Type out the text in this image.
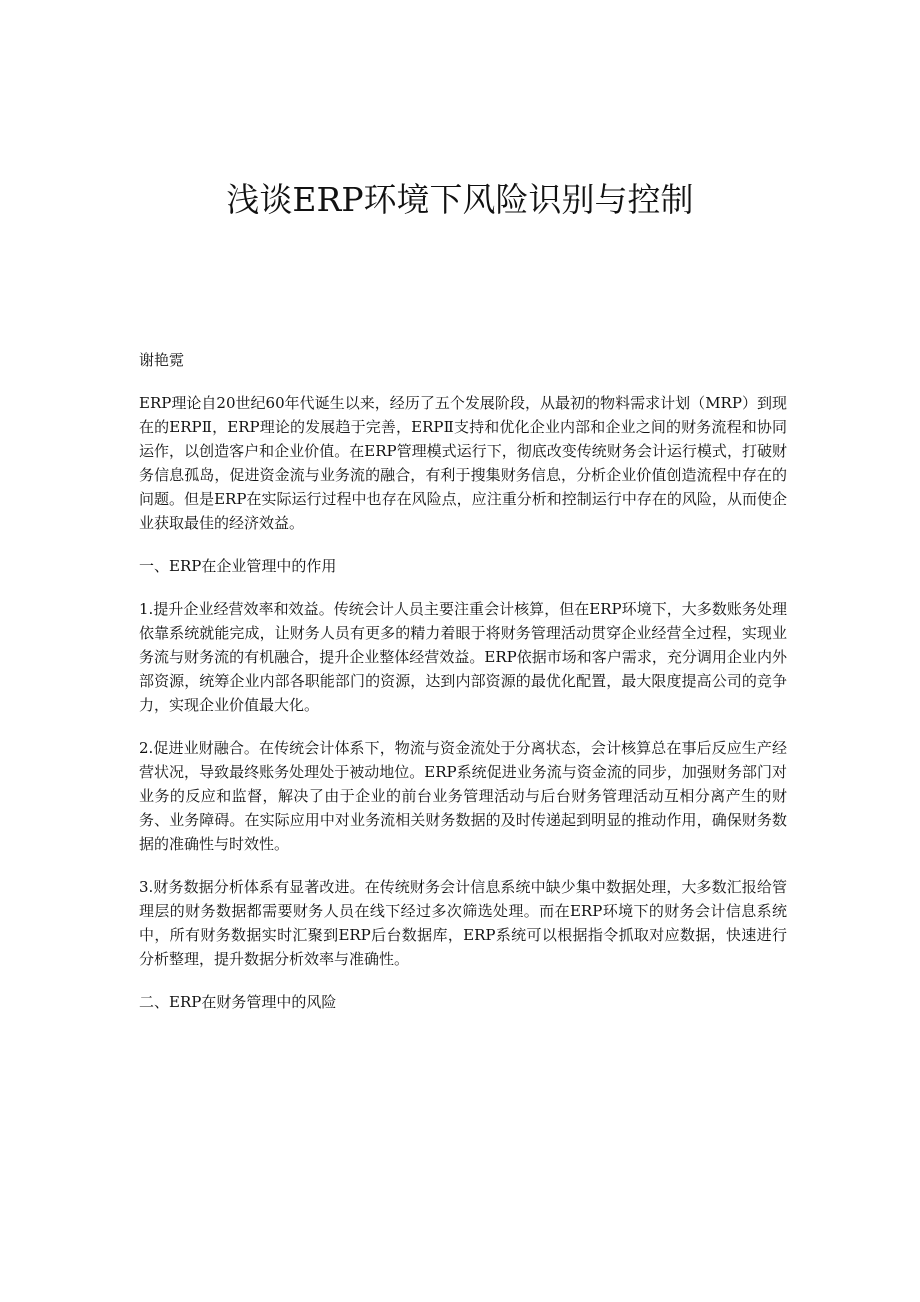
浅谈ERP环境下风险识别与控制

谢艳霓

ERP理论自20世纪60年代诞生以来，经历了五个发展阶段，从最初的物料需求计划（MRP）到现在的ERPⅡ，ERP理论的发展趋于完善，ERPⅡ支持和优化企业内部和企业之间的财务流程和协同运作，以创造客户和企业价值。在ERP管理模式运行下，彻底改变传统财务会计运行模式，打破财务信息孤岛，促进资金流与业务流的融合，有利于搜集财务信息，分析企业价值创造流程中存在的问题。但是ERP在实际运行过程中也存在风险点，应注重分析和控制运行中存在的风险，从而使企业获取最佳的经济效益。

一、ERP在企业管理中的作用

1.提升企业经营效率和效益。传统会计人员主要注重会计核算，但在ERP环境下，大多数账务处理依靠系统就能完成，让财务人员有更多的精力着眼于将财务管理活动贯穿企业经营全过程，实现业务流与财务流的有机融合，提升企业整体经营效益。ERP依据市场和客户需求，充分调用企业内外部资源，统筹企业内部各职能部门的资源，达到内部资源的最优化配置，最大限度提高公司的竞争力，实现企业价值最大化。

2.促进业财融合。在传统会计体系下，物流与资金流处于分离状态，会计核算总在事后反应生产经营状况，导致最终账务处理处于被动地位。ERP系统促进业务流与资金流的同步，加强财务部门对业务的反应和监督，解决了由于企业的前台业务管理活动与后台财务管理活动互相分离产生的财务、业务障碍。在实际应用中对业务流相关财务数据的及时传递起到明显的推动作用，确保财务数据的准确性与时效性。

3.财务数据分析体系有显著改进。在传统财务会计信息系统中缺少集中数据处理，大多数汇报给管理层的财务数据都需要财务人员在线下经过多次筛选处理。而在ERP环境下的财务会计信息系统中，所有财务数据实时汇聚到ERP后台数据库，ERP系统可以根据指令抓取对应数据，快速进行分析整理，提升数据分析效率与准确性。

二、ERP在财务管理中的风险
